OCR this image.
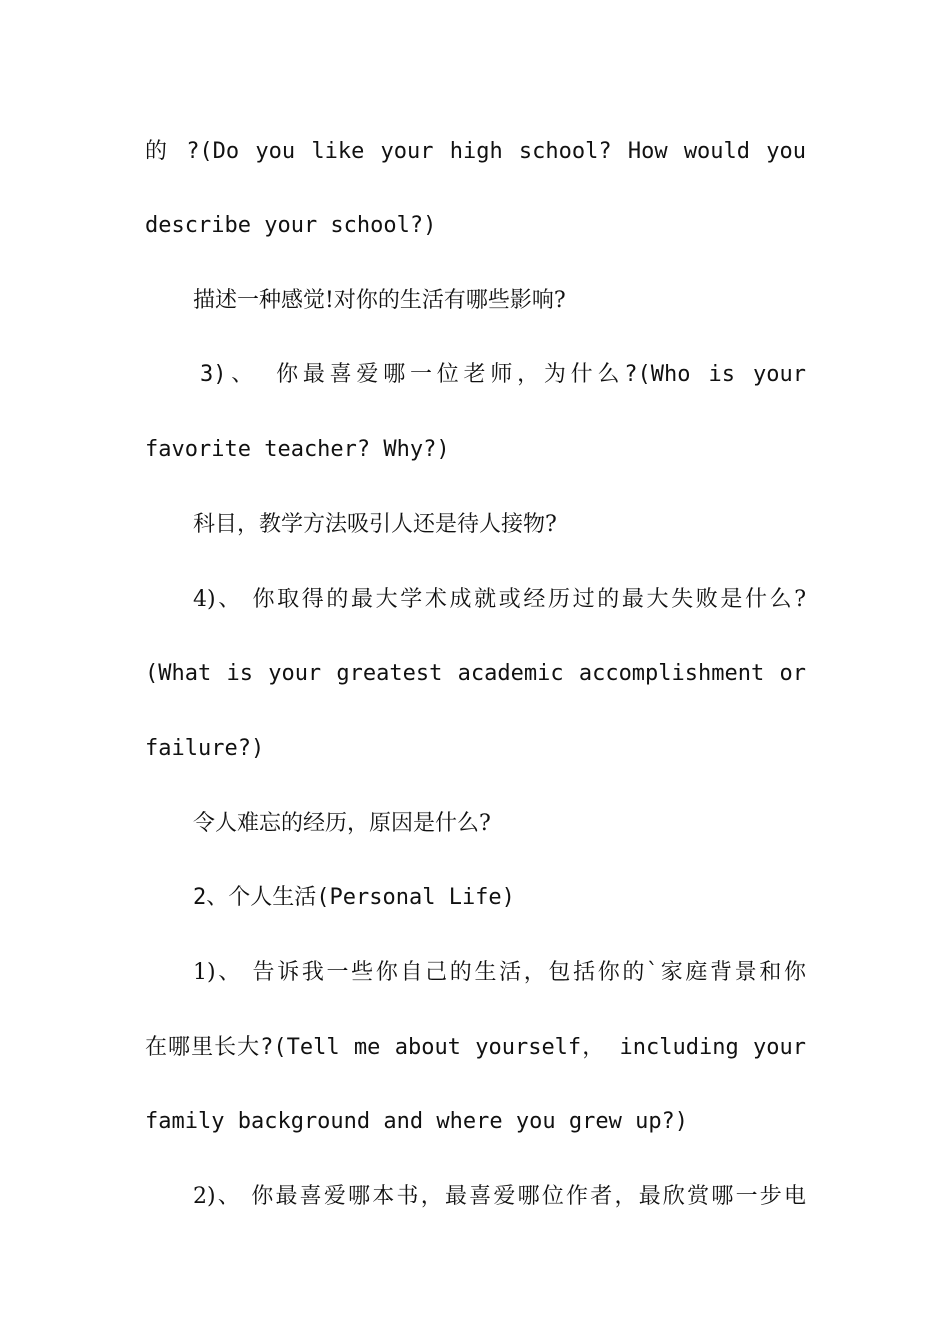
的 ?(Do you like your high school? How would you
describe your school?)
描述一种感觉!对你的生活有哪些影响?
3)、 你最喜爱哪一位老师，为什么?(Who is your
favorite teacher? Why?)
科目，教学方法吸引人还是待人接物?
4)、 你取得的最大学术成就或经历过的最大失败是什么?
(What is your greatest academic accomplishment or
failure?)
令人难忘的经历，原因是什么?
2、个人生活(Personal Life)
1)、 告诉我一些你自己的生活，包括你的`家庭背景和你
在哪里长大?(Tell me about yourself， including your
family background and where you grew up?)
2)、 你最喜爱哪本书，最喜爱哪位作者，最欣赏哪一步电
